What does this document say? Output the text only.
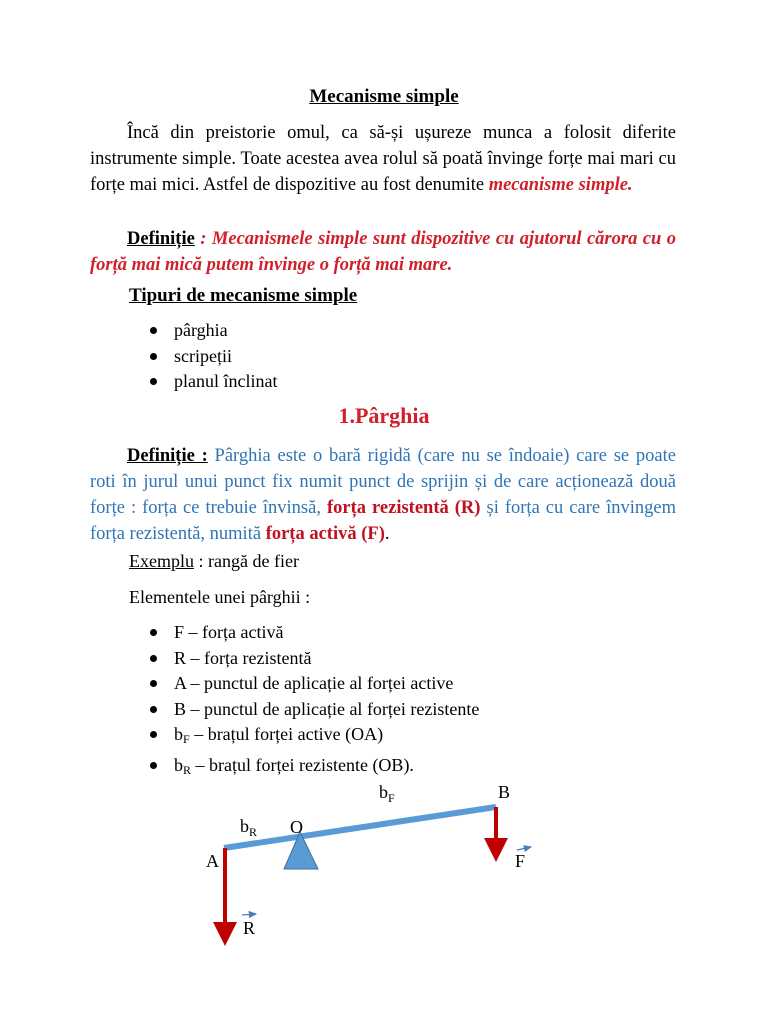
Mecanisme simple
Încă din preistorie omul, ca să-și ușureze munca a folosit diferite instrumente simple. Toate acestea avea rolul să poată învinge forțe mai mari cu forțe mai mici. Astfel de dispozitive au fost denumite mecanisme simple.
Definiție : Mecanismele simple sunt dispozitive cu ajutorul cărora cu o forță mai mică putem învinge o forță mai mare.
Tipuri de mecanisme simple
pârghia
scripeții
planul înclinat
1.Pârghia
Definiție : Pârghia este o bară rigidă (care nu se îndoaie) care se poate roti în jurul unui punct fix numit punct de sprijin și de care acționează două forțe : forța ce trebuie învinsă, forța rezistentă (R) și forța cu care învingem forța rezistentă, numită forța activă (F).
Exemplu : rangă de fier
Elementele unei pârghii :
F – forța activă
R – forța rezistentă
A – punctul de aplicație al forței active
B – punctul de aplicație al forței rezistente
$b_F$ – brațul forței active (OA)
$b_R$ – brațul forței rezistente (OB).
$b_F$
$b_R$
B
O
A	F
R
